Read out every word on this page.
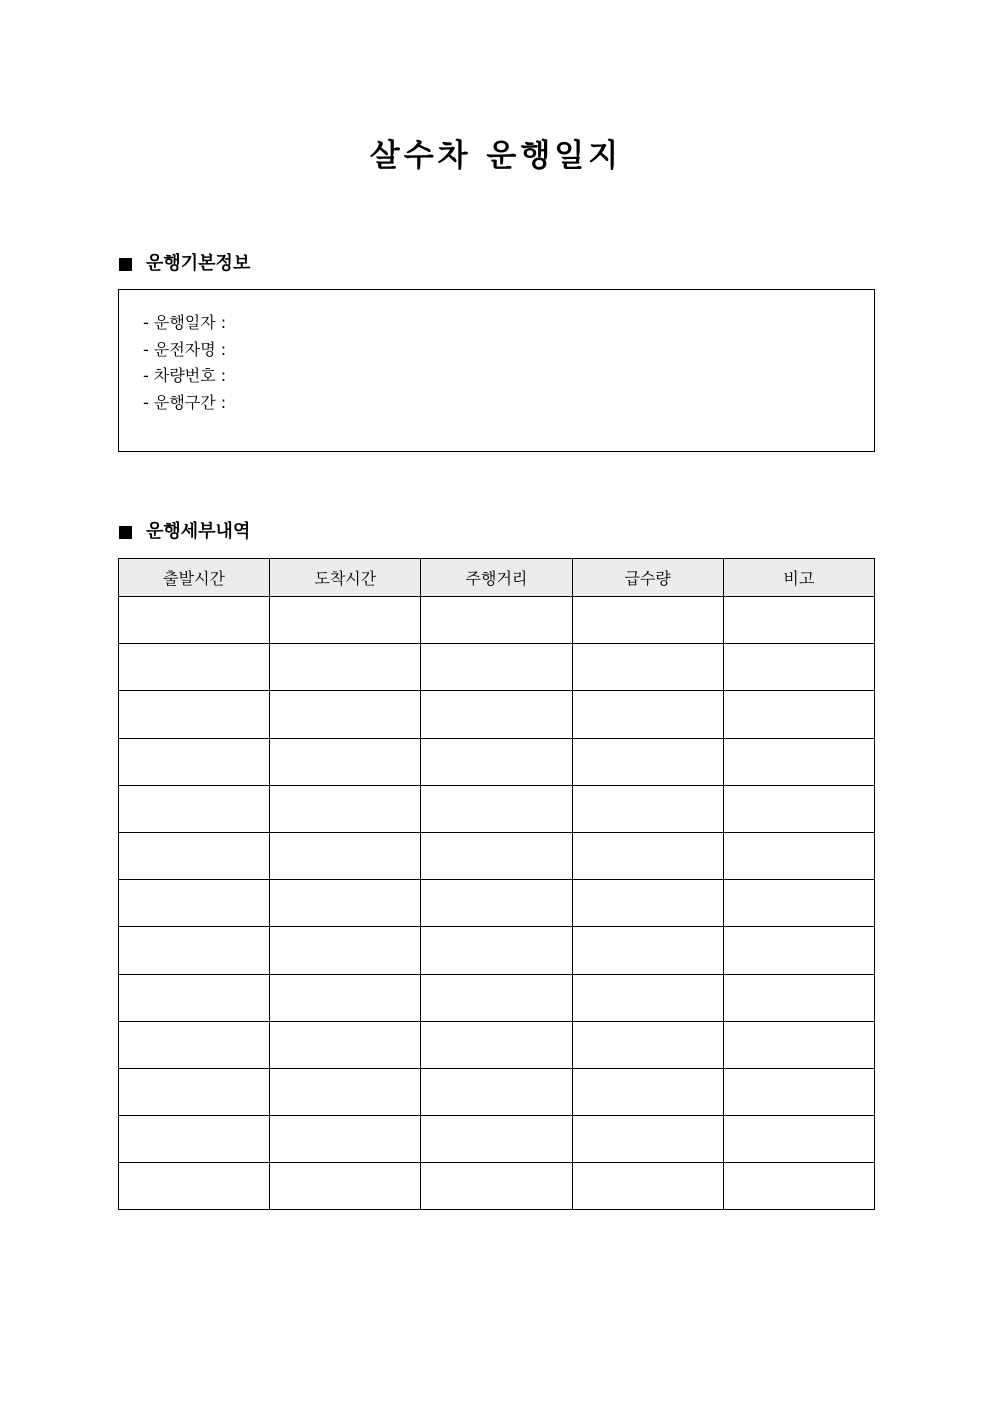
살수차 운행일지
운행기본정보
- 운행일자 :
- 운전자명 :
- 차량번호 :
- 운행구간 :
운행세부내역
출발시간	도착시간	주행거리	급수량	비고
